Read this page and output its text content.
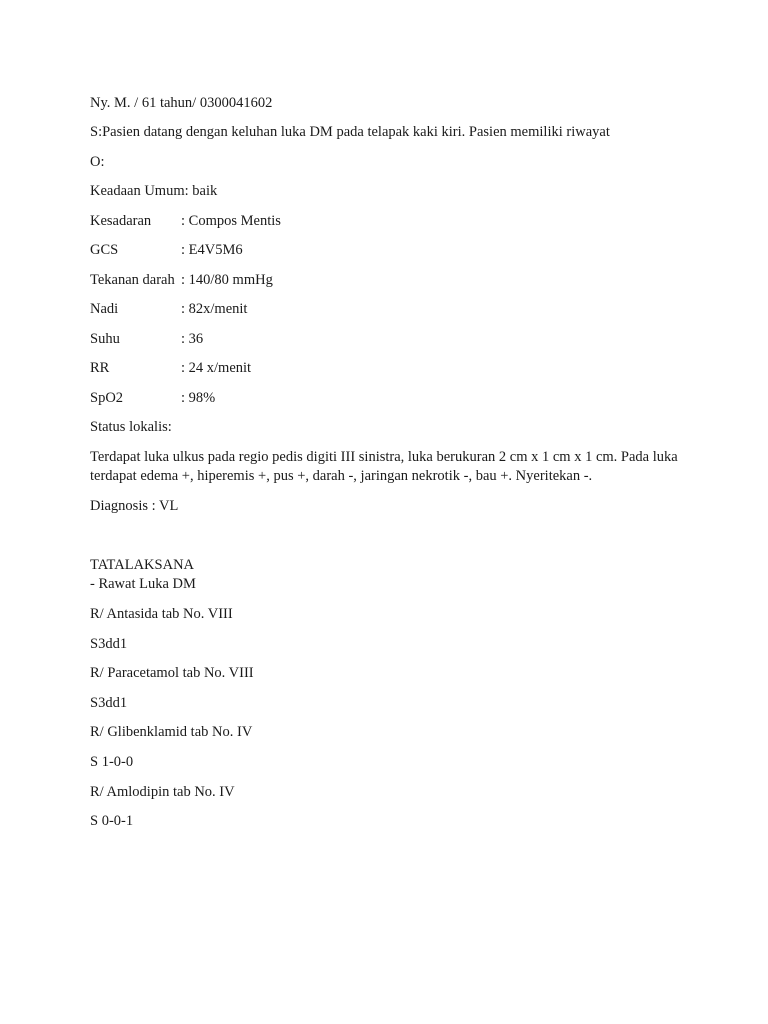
Ny. M. / 61 tahun/ 0300041602
S:Pasien datang dengan keluhan luka DM pada telapak kaki kiri. Pasien memiliki riwayat
O:
Keadaan Umum: baik
Kesadaran : Compos Mentis
GCS	: E4V5M6
Tekanan darah : 140/80 mmHg
Nadi	: 82x/menit
Suhu	: 36
RR	: 24 x/menit
SpO2	: 98%
Status lokalis:
Terdapat luka ulkus pada regio pedis digiti III sinistra, luka berukuran 2 cm x 1 cm x 1 cm. Pada luka terdapat edema +, hiperemis +, pus +, darah -, jaringan nekrotik -, bau +. Nyeritekan -.
Diagnosis : VL
TATALAKSANA
- Rawat Luka DM
R/ Antasida tab No. VIII
S3dd1
R/ Paracetamol tab No. VIII
S3dd1
R/ Glibenklamid tab No. IV
S 1-0-0
R/ Amlodipin tab No. IV
S 0-0-1
